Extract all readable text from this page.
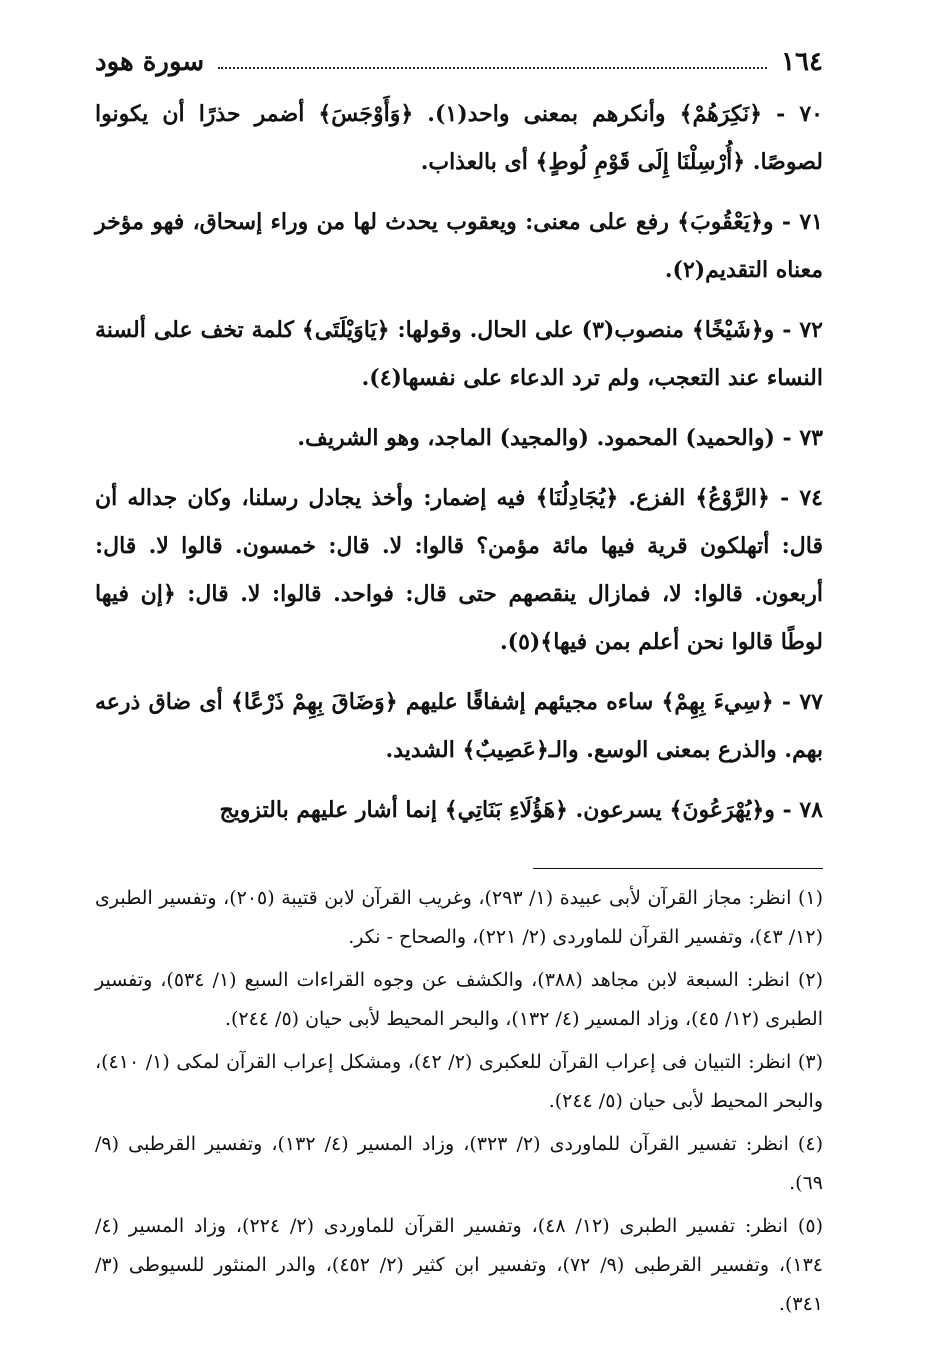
١٦٤
سورة هود

٧٠ - ﴿نَكِرَهُمْ﴾ وأنكرهم بمعنى واحد(١). ﴿وَأَوْجَسَ﴾ أضمر حذرًا أن يكونوا لصوصًا. ﴿أُرْسِلْنَا إِلَى قَوْمِ لُوطٍ﴾ أى بالعذاب.

٧١ - و﴿يَعْقُوبَ﴾ رفع على معنى: ويعقوب يحدث لها من وراء إسحاق، فهو مؤخر معناه التقديم(٢).

٧٢ - و﴿شَيْخًا﴾ منصوب(٣) على الحال. وقولها: ﴿يَاوَيْلَتَى﴾ كلمة تخف على ألسنة النساء عند التعجب، ولم ترد الدعاء على نفسها(٤).

٧٣ - (والحميد) المحمود. (والمجيد) الماجد، وهو الشريف.

٧٤ - ﴿الرَّوْعُ﴾ الفزع. ﴿يُجَادِلُنَا﴾ فيه إضمار: وأخذ يجادل رسلنا، وكان جداله أن قال: أتهلكون قرية فيها مائة مؤمن؟ قالوا: لا. قال: خمسون. قالوا لا. قال: أربعون. قالوا: لا، فمازال ينقصهم حتى قال: فواحد. قالوا: لا. قال: ﴿إن فيها لوطًا قالوا نحن أعلم بمن فيها﴾(٥).

٧٧ - ﴿سِيءَ بِهِمْ﴾ ساءه مجيئهم إشفاقًا عليهم ﴿وَضَاقَ بِهِمْ ذَرْعًا﴾ أى ضاق ذرعه بهم. والذرع بمعنى الوسع. والـ﴿عَصِيبٌ﴾ الشديد.

٧٨ - و﴿يُهْرَعُونَ﴾ يسرعون. ﴿هَؤُلَاءِ بَنَاتِي﴾ إنما أشار عليهم بالتزويج

(١) انظر: مجاز القرآن لأبى عبيدة (١/ ٢٩٣)، وغريب القرآن لابن قتيبة (٢٠٥)، وتفسير الطبرى (١٢/ ٤٣)، وتفسير القرآن للماوردى (٢/ ٢٢١)، والصحاح - نكر.

(٢) انظر: السبعة لابن مجاهد (٣٨٨)، والكشف عن وجوه القراءات السبع (١/ ٥٣٤)، وتفسير الطبرى (١٢/ ٤٥)، وزاد المسير (٤/ ١٣٢)، والبحر المحيط لأبى حيان (٥/ ٢٤٤).

(٣) انظر: التبيان فى إعراب القرآن للعكبرى (٢/ ٤٢)، ومشكل إعراب القرآن لمكى (١/ ٤١٠)، والبحر المحيط لأبى حيان (٥/ ٢٤٤).

(٤) انظر: تفسير القرآن للماوردى (٢/ ٣٢٣)، وزاد المسير (٤/ ١٣٢)، وتفسير القرطبى (٩/ ٦٩).

(٥) انظر: تفسير الطبرى (١٢/ ٤٨)، وتفسير القرآن للماوردى (٢/ ٢٢٤)، وزاد المسير (٤/ ١٣٤)، وتفسير القرطبى (٩/ ٧٢)، وتفسير ابن كثير (٢/ ٤٥٢)، والدر المنثور للسيوطى (٣/ ٣٤١).
